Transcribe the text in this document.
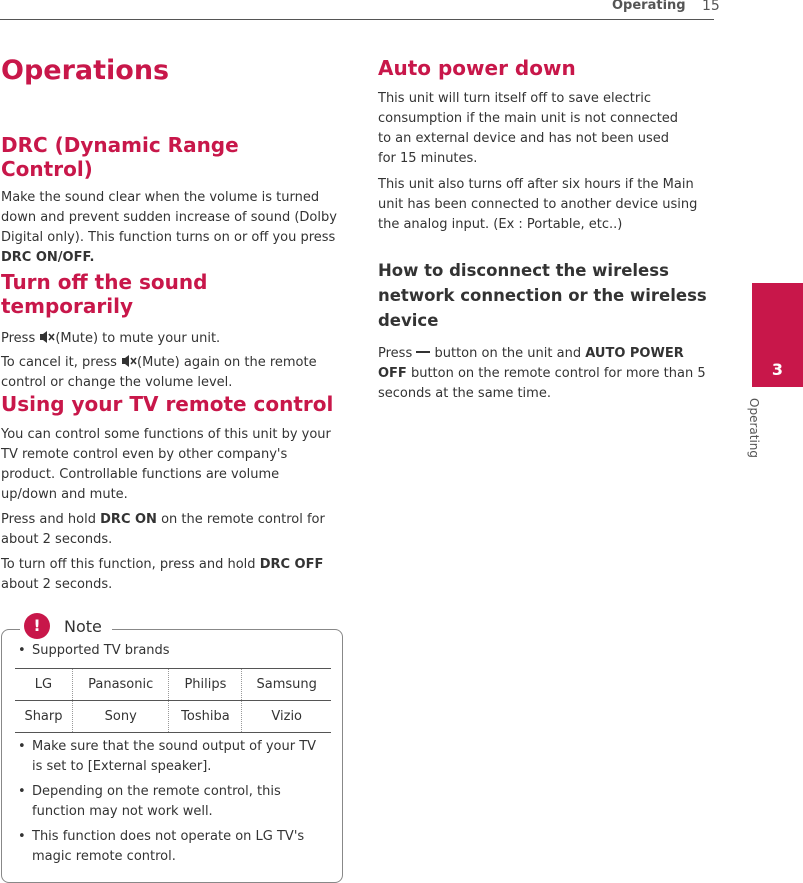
Operating 15
3
Operating
Operations
DRC (Dynamic Range Control)

Make the sound clear when the volume is turned down and prevent sudden increase of sound (Dolby Digital only). This function turns on or off you press DRC ON/OFF.

Turn off the sound temporarily

Press (Mute) to mute your unit.

To cancel it, press (Mute) again on the remote control or change the volume level.

Using your TV remote control

You can control some functions of this unit by your TV remote control even by other company's product. Controllable functions are volume up/down and mute.

Press and hold DRC ON on the remote control for about 2 seconds.

To turn off this function, press and hold DRC OFF about 2 seconds.

!	Note
• Supported TV brands
LG	Panasonic	Philips	Samsung
Sharp	Sony	Toshiba	Vizio
• Make sure that the sound output of your TV is set to [External speaker].
• Depending on the remote control, this function may not work well.
• This function does not operate on LG TV's magic remote control.
Auto power down

This unit will turn itself off to save electric consumption if the main unit is not connected to an external device and has not been used for 15 minutes.

This unit also turns off after six hours if the Main unit has been connected to another device using the analog input. (Ex : Portable, etc..)

How to disconnect the wireless network connection or the wireless device

Press button on the unit and AUTO POWER OFF button on the remote control for more than 5 seconds at the same time.
